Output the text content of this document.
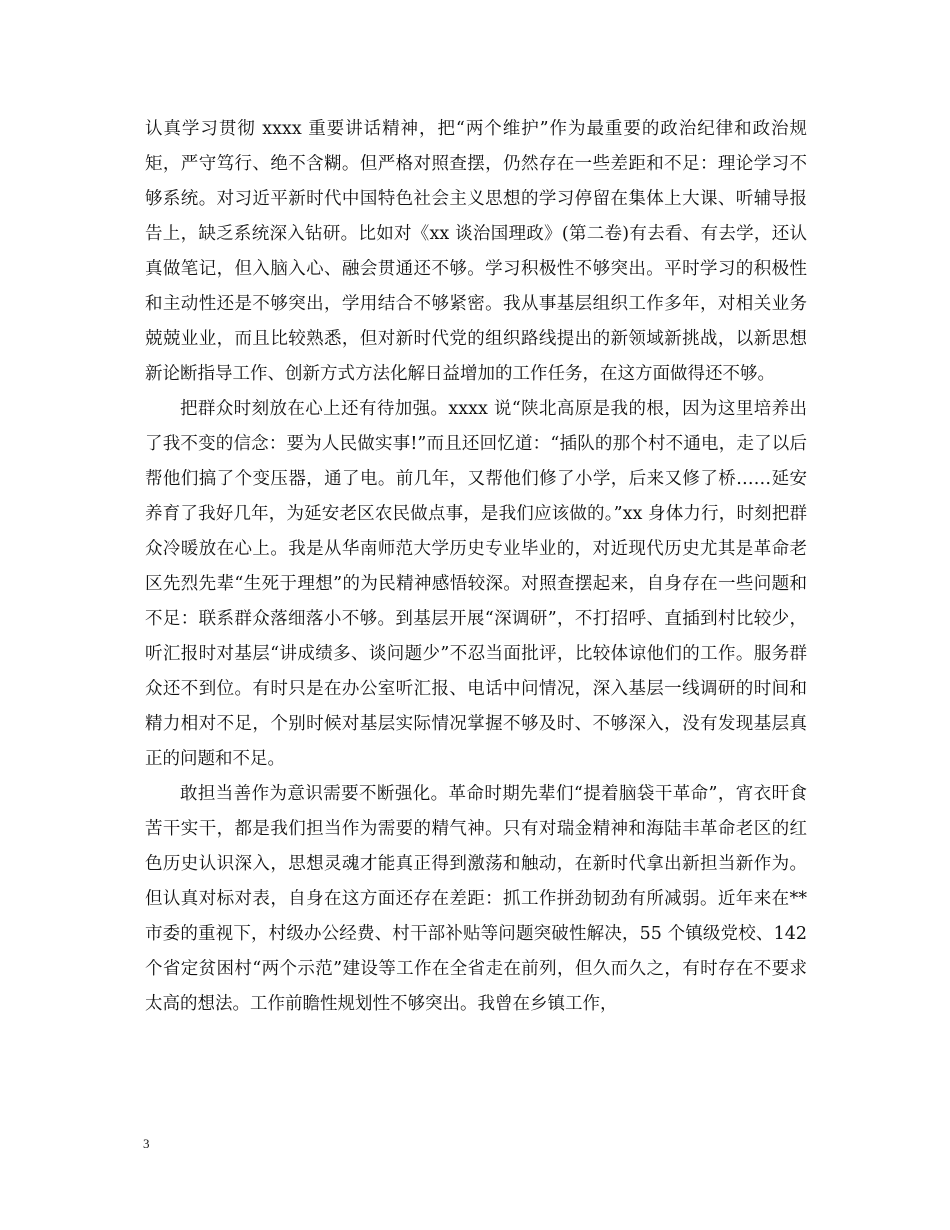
认真学习贯彻 xxxx 重要讲话精神，把“两个维护”作为最重要的政治纪律和政治规矩，严守笃行、绝不含糊。但严格对照查摆，仍然存在一些差距和不足：理论学习不够系统。对习近平新时代中国特色社会主义思想的学习停留在集体上大课、听辅导报告上，缺乏系统深入钻研。比如对《xx 谈治国理政》(第二卷)有去看、有去学，还认真做笔记，但入脑入心、融会贯通还不够。学习积极性不够突出。平时学习的积极性和主动性还是不够突出，学用结合不够紧密。我从事基层组织工作多年，对相关业务兢兢业业，而且比较熟悉，但对新时代党的组织路线提出的新领域新挑战，以新思想新论断指导工作、创新方式方法化解日益增加的工作任务，在这方面做得还不够。

把群众时刻放在心上还有待加强。xxxx 说“陕北高原是我的根，因为这里培养出了我不变的信念：要为人民做实事!”而且还回忆道：“插队的那个村不通电，走了以后帮他们搞了个变压器，通了电。前几年，又帮他们修了小学，后来又修了桥……延安养育了我好几年，为延安老区农民做点事，是我们应该做的。”xx 身体力行，时刻把群众冷暖放在心上。我是从华南师范大学历史专业毕业的，对近现代历史尤其是革命老区先烈先辈“生死于理想”的为民精神感悟较深。对照查摆起来，自身存在一些问题和不足：联系群众落细落小不够。到基层开展“深调研”，不打招呼、直插到村比较少，听汇报时对基层“讲成绩多、谈问题少”不忍当面批评，比较体谅他们的工作。服务群众还不到位。有时只是在办公室听汇报、电话中问情况，深入基层一线调研的时间和精力相对不足，个别时候对基层实际情况掌握不够及时、不够深入，没有发现基层真正的问题和不足。

敢担当善作为意识需要不断强化。革命时期先辈们“提着脑袋干革命”，宵衣旰食苦干实干，都是我们担当作为需要的精气神。只有对瑞金精神和海陆丰革命老区的红色历史认识深入，思想灵魂才能真正得到激荡和触动，在新时代拿出新担当新作为。但认真对标对表，自身在这方面还存在差距：抓工作拼劲韧劲有所减弱。近年来在**市委的重视下，村级办公经费、村干部补贴等问题突破性解决，55 个镇级党校、142 个省定贫困村“两个示范”建设等工作在全省走在前列，但久而久之，有时存在不要求太高的想法。工作前瞻性规划性不够突出。我曾在乡镇工作，

3
